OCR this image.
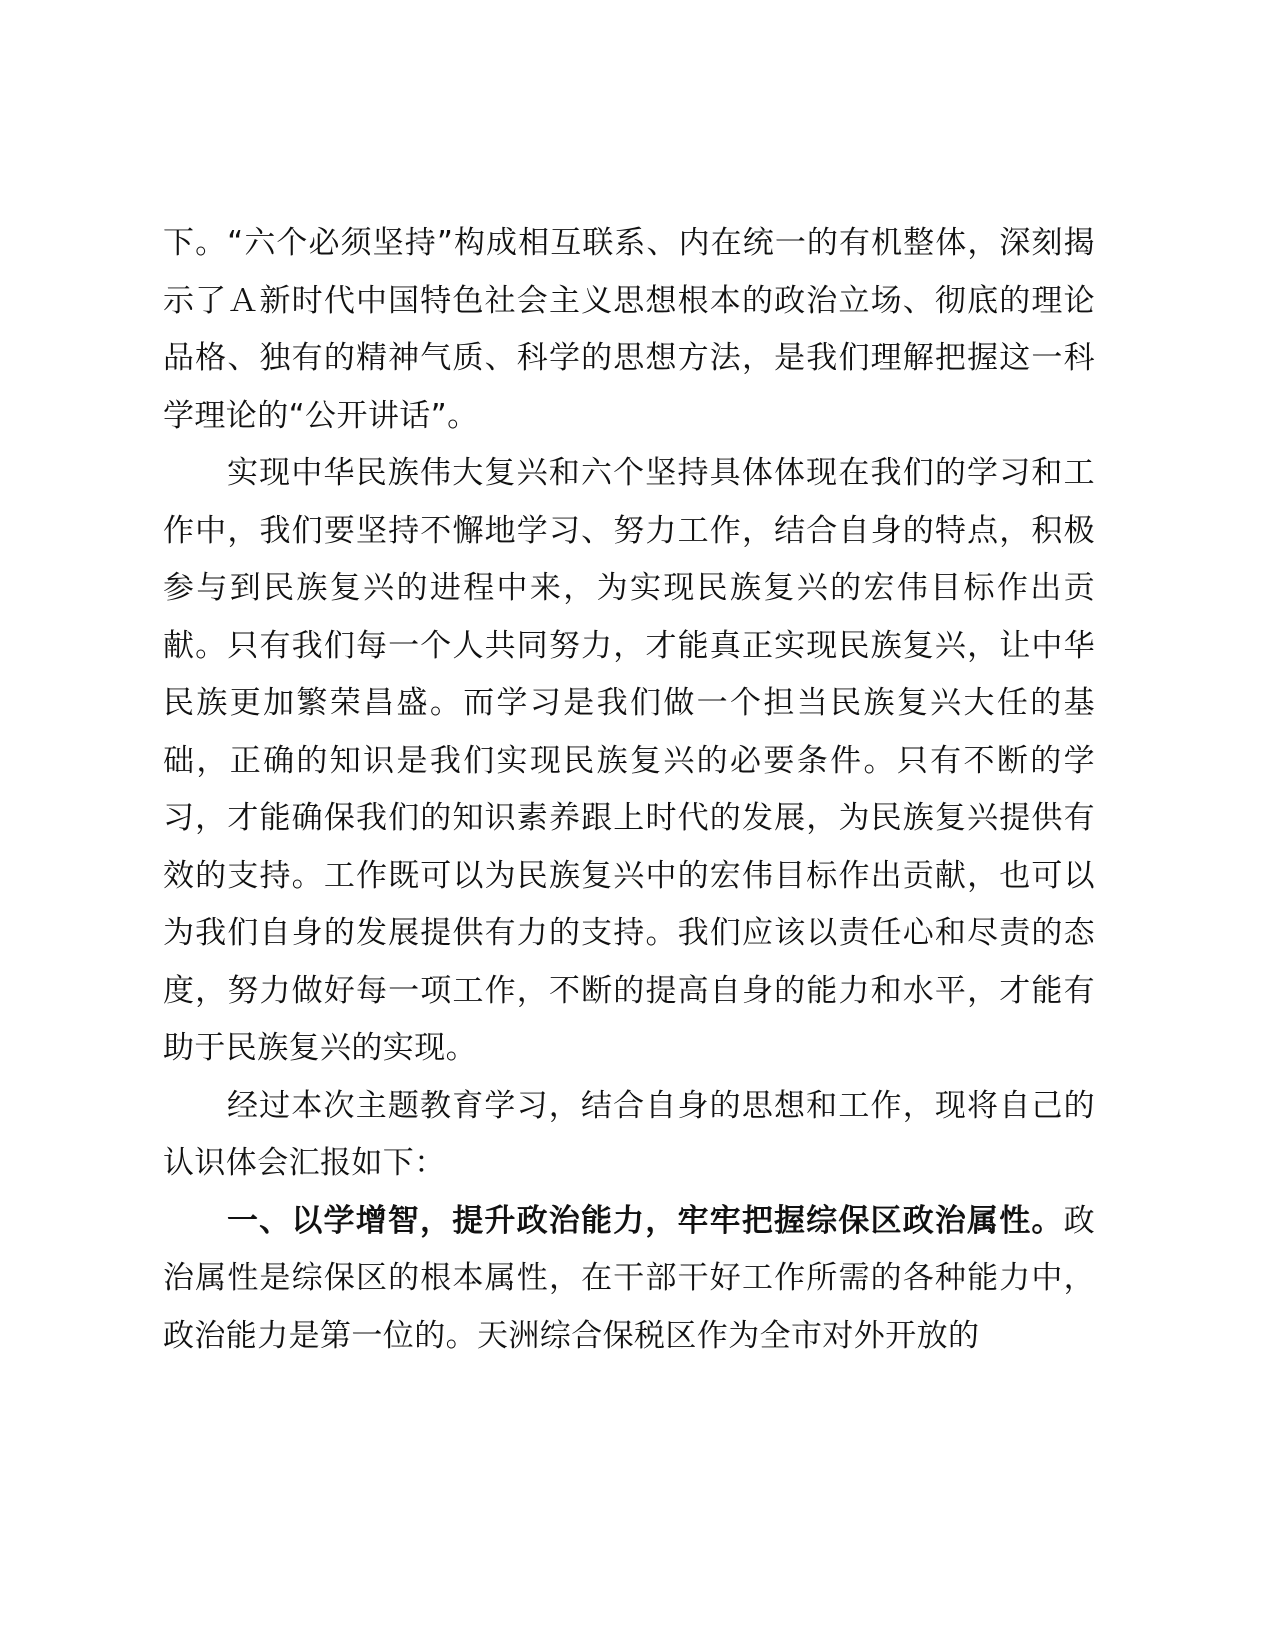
下。“六个必须坚持”构成相互联系、内在统一的有机整体，深刻揭示了Ａ新时代中国特色社会主义思想根本的政治立场、彻底的理论品格、独有的精神气质、科学的思想方法，是我们理解把握这一科学理论的“公开讲话”。

实现中华民族伟大复兴和六个坚持具体体现在我们的学习和工作中，我们要坚持不懈地学习、努力工作，结合自身的特点，积极参与到民族复兴的进程中来，为实现民族复兴的宏伟目标作出贡献。只有我们每一个人共同努力，才能真正实现民族复兴，让中华民族更加繁荣昌盛。而学习是我们做一个担当民族复兴大任的基础，正确的知识是我们实现民族复兴的必要条件。只有不断的学习，才能确保我们的知识素养跟上时代的发展，为民族复兴提供有效的支持。工作既可以为民族复兴中的宏伟目标作出贡献，也可以为我们自身的发展提供有力的支持。我们应该以责任心和尽责的态度，努力做好每一项工作，不断的提高自身的能力和水平，才能有助于民族复兴的实现。

经过本次主题教育学习，结合自身的思想和工作，现将自己的认识体会汇报如下：

一、以学增智，提升政治能力，牢牢把握综保区政治属性。政治属性是综保区的根本属性，在干部干好工作所需的各种能力中，政治能力是第一位的。天洲综合保税区作为全市对外开放的
